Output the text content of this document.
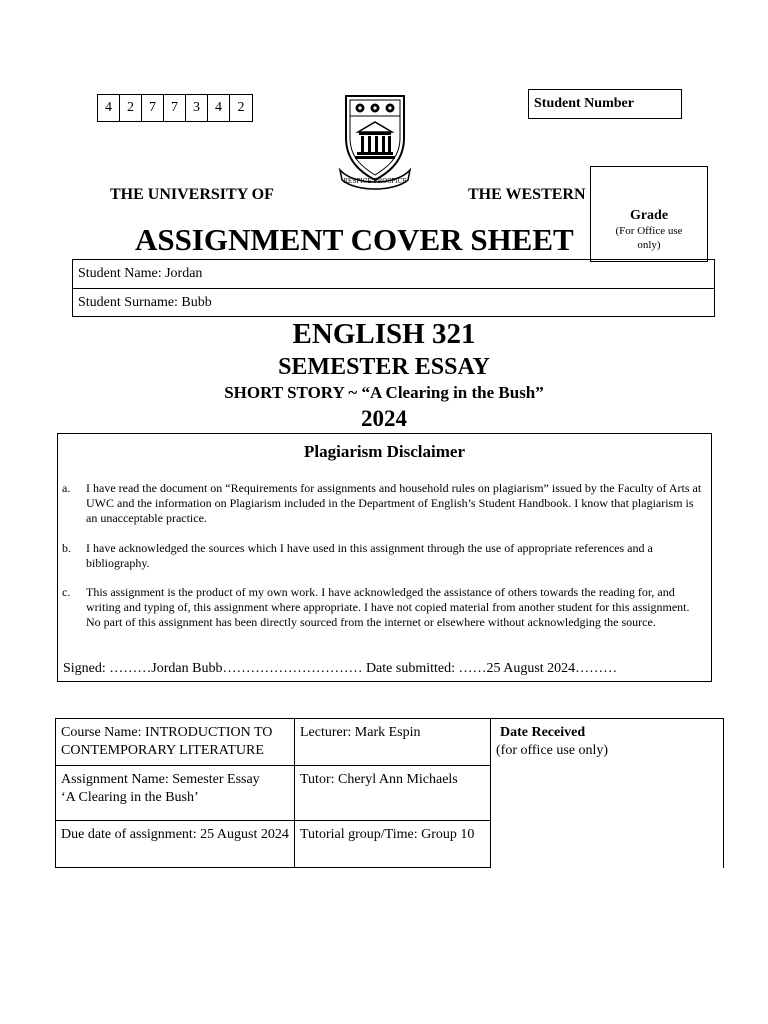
4	2	7	7	3	4	2
RESPICE PROSPICE
Student Number
THE UNIVERSITY OF	THE WESTERN
Grade
(For Office use
only)
ASSIGNMENT COVER SHEET
Student Name: Jordan
Student Surname: Bubb
ENGLISH 321
SEMESTER ESSAY
SHORT STORY ~ “A Clearing in the Bush”
2024
Plagiarism Disclaimer
a.	I have read the document on “Requirements for assignments and household rules on plagiarism” issued by the Faculty of Arts at UWC and the information on Plagiarism included in the Department of English’s Student Handbook. I know that plagiarism is an unacceptable practice.
b.	I have acknowledged the sources which I have used in this assignment through the use of appropriate references and a bibliography.
c.	This assignment is the product of my own work. I have acknowledged the assistance of others towards the reading for, and writing and typing of, this assignment where appropriate. I have not copied material from another student for this assignment. No part of this assignment has been directly sourced from the internet or elsewhere without acknowledging the source.
Signed: ………Jordan Bubb………………………… Date submitted: ……25 August 2024………
Course Name: INTRODUCTION TO CONTEMPORARY LITERATURE	Lecturer: Mark Espin	Date Received
(for office use only)

Assignment Name: Semester Essay
‘A Clearing in the Bush’	Tutor: Cheryl Ann Michaels	
Due date of assignment: 25 August 2024	Tutorial group/Time: Group 10	
